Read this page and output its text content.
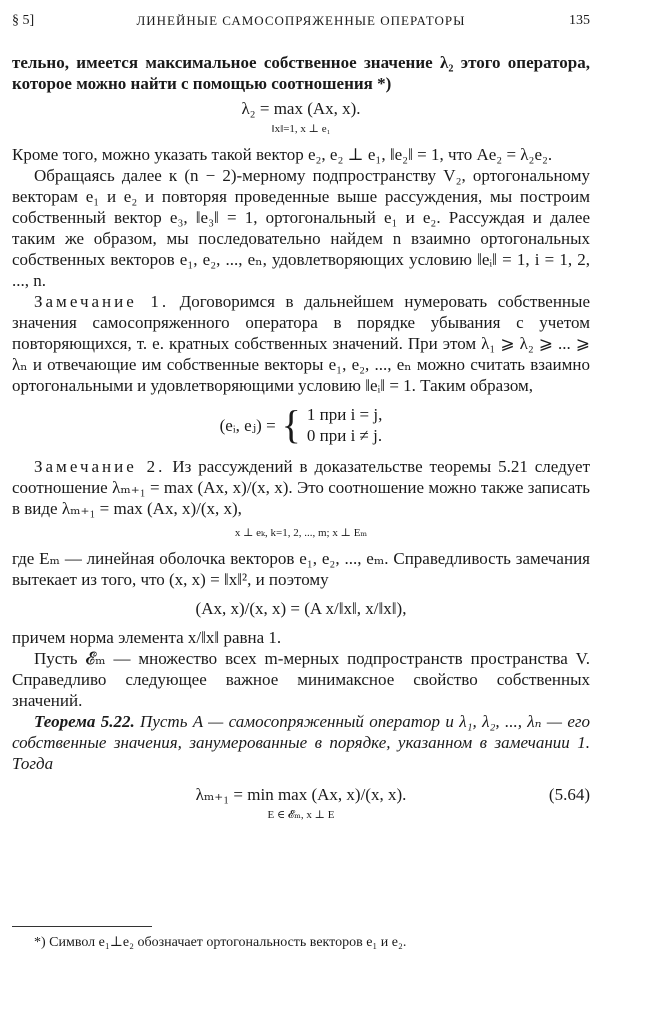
§ 5]	ЛИНЕЙНЫЕ САМОСОПРЯЖЕННЫЕ ОПЕРАТОРЫ	135

тельно, имеется максимальное собственное значение λ₂ этого оператора, которое можно найти с помощью соотношения *)

λ₂ = max (Ax, x).
‖x‖=1, x ⊥ e₁

Кроме того, можно указать такой вектор e₂, e₂ ⊥ e₁, ‖e₂‖ = 1, что Ae₂ = λ₂e₂.

Обращаясь далее к (n − 2)-мерному подпространству V₂, ортогональному векторам e₁ и e₂ и повторяя проведенные выше рассуждения, мы построим собственный вектор e₃, ‖e₃‖ = 1, ортогональный e₁ и e₂. Рассуждая и далее таким же образом, мы последовательно найдем n взаимно ортогональных собственных векторов e₁, e₂, ..., eₙ, удовлетворяющих условию ‖eᵢ‖ = 1, i = 1, 2, ..., n.

Замечание 1. Договоримся в дальнейшем нумеровать собственные значения самосопряженного оператора в порядке убывания с учетом повторяющихся, т. е. кратных собственных значений. При этом λ₁ ⩾ λ₂ ⩾ ... ⩾ λₙ и отвечающие им собственные векторы e₁, e₂, ..., eₙ можно считать взаимно ортогональными и удовлетворяющими условию ‖eᵢ‖ = 1. Таким образом,

(eᵢ, eⱼ) = { 1 при i = j,
0 при i ≠ j.

Замечание 2. Из рассуждений в доказательстве теоремы 5.21 следует соотношение λₘ₊₁ = max (Ax, x)/(x, x). Это соотношение можно также записать в виде λₘ₊₁ = max (Ax, x)/(x, x),

x ⊥ eₖ, k=1, 2, ..., m; x ⊥ Eₘ

где Eₘ — линейная оболочка векторов e₁, e₂, ..., eₘ. Справедливость замечания вытекает из того, что (x, x) = ‖x‖², и поэтому

(Ax, x)/(x, x) = (A x/‖x‖, x/‖x‖),

причем норма элемента x/‖x‖ равна 1.

Пусть 𝓔ₘ — множество всех m-мерных подпространств пространства V. Справедливо следующее важное минимаксное свойство собственных значений.

Теорема 5.22. Пусть A — самосопряженный оператор и λ₁, λ₂, ..., λₙ — его собственные значения, занумерованные в порядке, указанном в замечании 1. Тогда

λₘ₊₁ = min max (Ax, x)/(x, x).
E ∈ 𝓔ₘ, x ⊥ E
(5.64)
*) Символ e₁⊥e₂ обозначает ортогональность векторов e₁ и e₂.
